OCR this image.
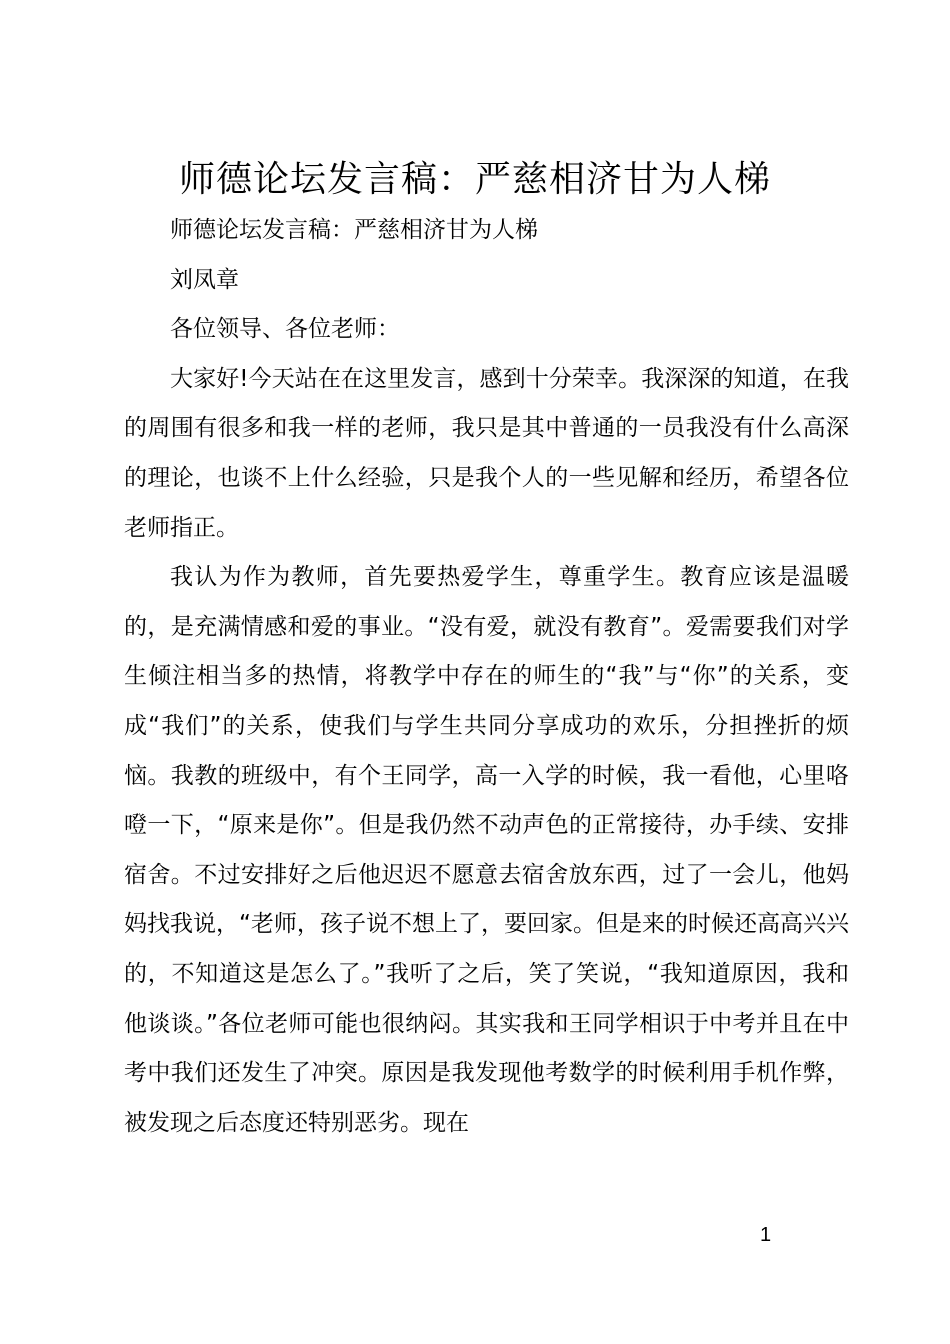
师德论坛发言稿：严慈相济甘为人梯

师德论坛发言稿：严慈相济甘为人梯

刘凤章

各位领导、各位老师：

大家好!今天站在在这里发言，感到十分荣幸。我深深的知道，在我的周围有很多和我一样的老师，我只是其中普通的一员我没有什么高深的理论，也谈不上什么经验，只是我个人的一些见解和经历，希望各位老师指正。

我认为作为教师，首先要热爱学生，尊重学生。教育应该是温暖的，是充满情感和爱的事业。“没有爱，就没有教育”。爱需要我们对学生倾注相当多的热情，将教学中存在的师生的“我”与“你”的关系，变成“我们”的关系，使我们与学生共同分享成功的欢乐，分担挫折的烦恼。我教的班级中，有个王同学，高一入学的时候，我一看他，心里咯噔一下，“原来是你”。但是我仍然不动声色的正常接待，办手续、安排宿舍。不过安排好之后他迟迟不愿意去宿舍放东西，过了一会儿，他妈妈找我说，“老师，孩子说不想上了，要回家。但是来的时候还高高兴兴的，不知道这是怎么了。”我听了之后，笑了笑说，“我知道原因，我和他谈谈。”各位老师可能也很纳闷。其实我和王同学相识于中考并且在中考中我们还发生了冲突。原因是我发现他考数学的时候利用手机作弊，被发现之后态度还特别恶劣。现在

1
